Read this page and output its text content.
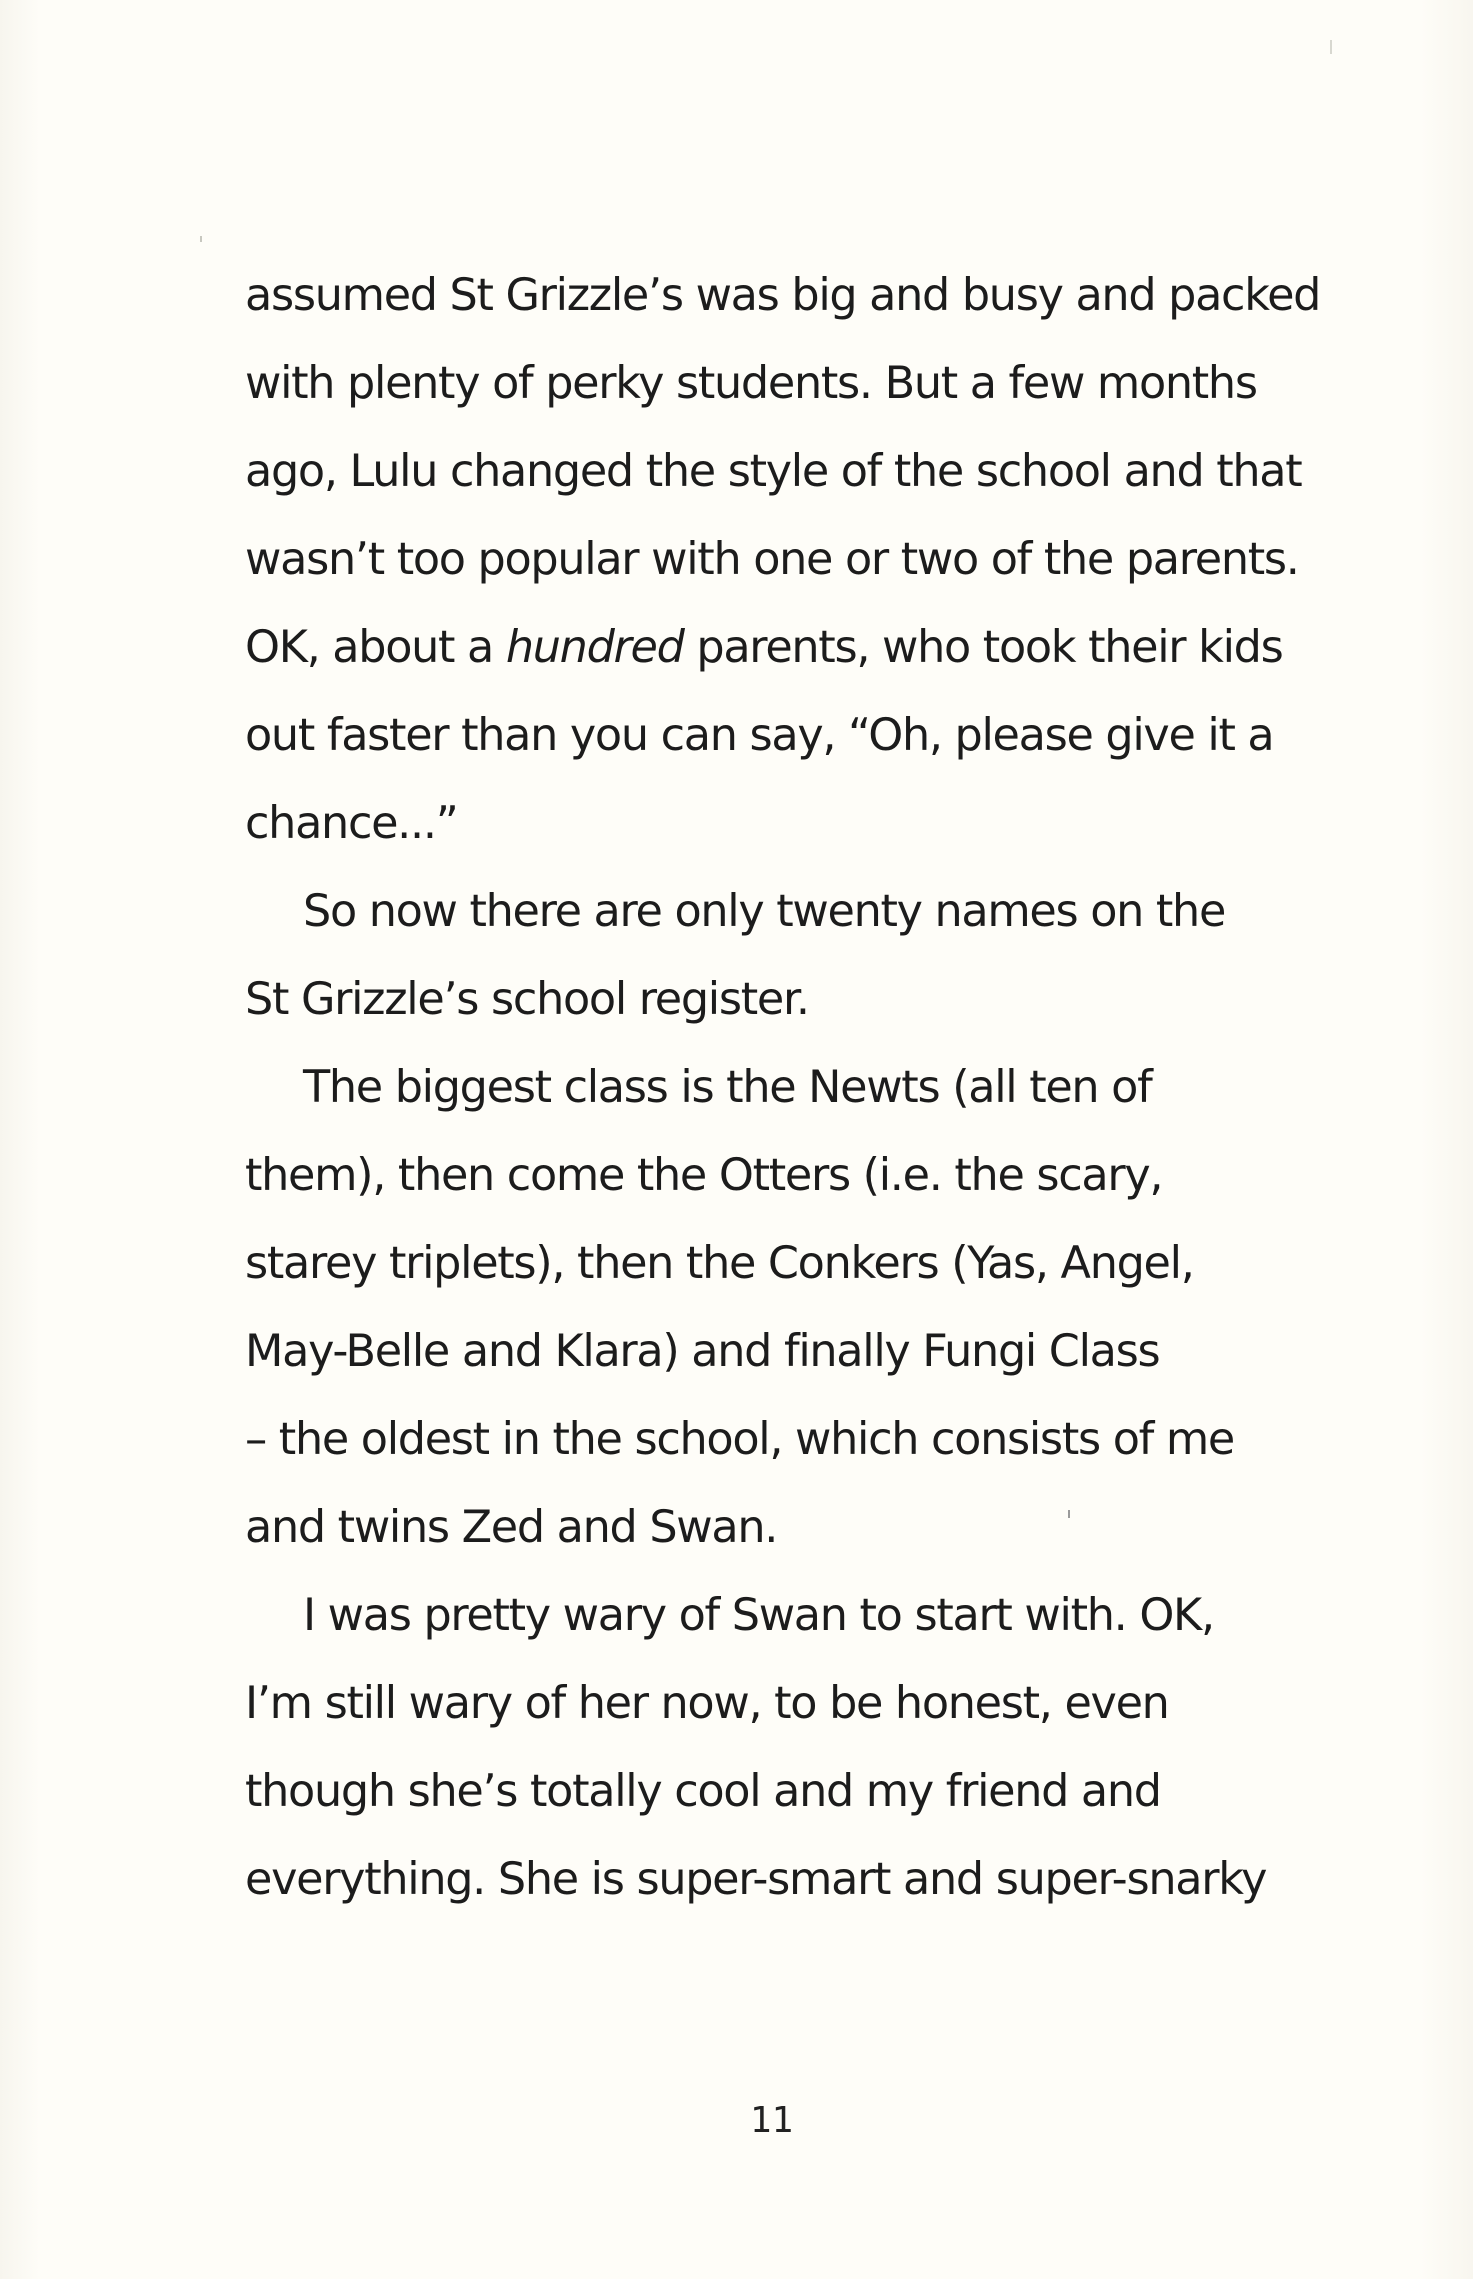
assumed St Grizzle’s was big and busy and packed
with plenty of perky students. But a few months
ago, Lulu changed the style of the school and that
wasn’t too popular with one or two of the parents.
OK, about a hundred parents, who took their kids
out faster than you can say, “Oh, please give it a
chance...”
So now there are only twenty names on the
St Grizzle’s school register.
The biggest class is the Newts (all ten of
them), then come the Otters (i.e. the scary,
starey triplets), then the Conkers (Yas, Angel,
May-Belle and Klara) and finally Fungi Class
– the oldest in the school, which consists of me
and twins Zed and Swan.
I was pretty wary of Swan to start with. OK,
I’m still wary of her now, to be honest, even
though she’s totally cool and my friend and
everything. She is super-smart and super-snarky
11
